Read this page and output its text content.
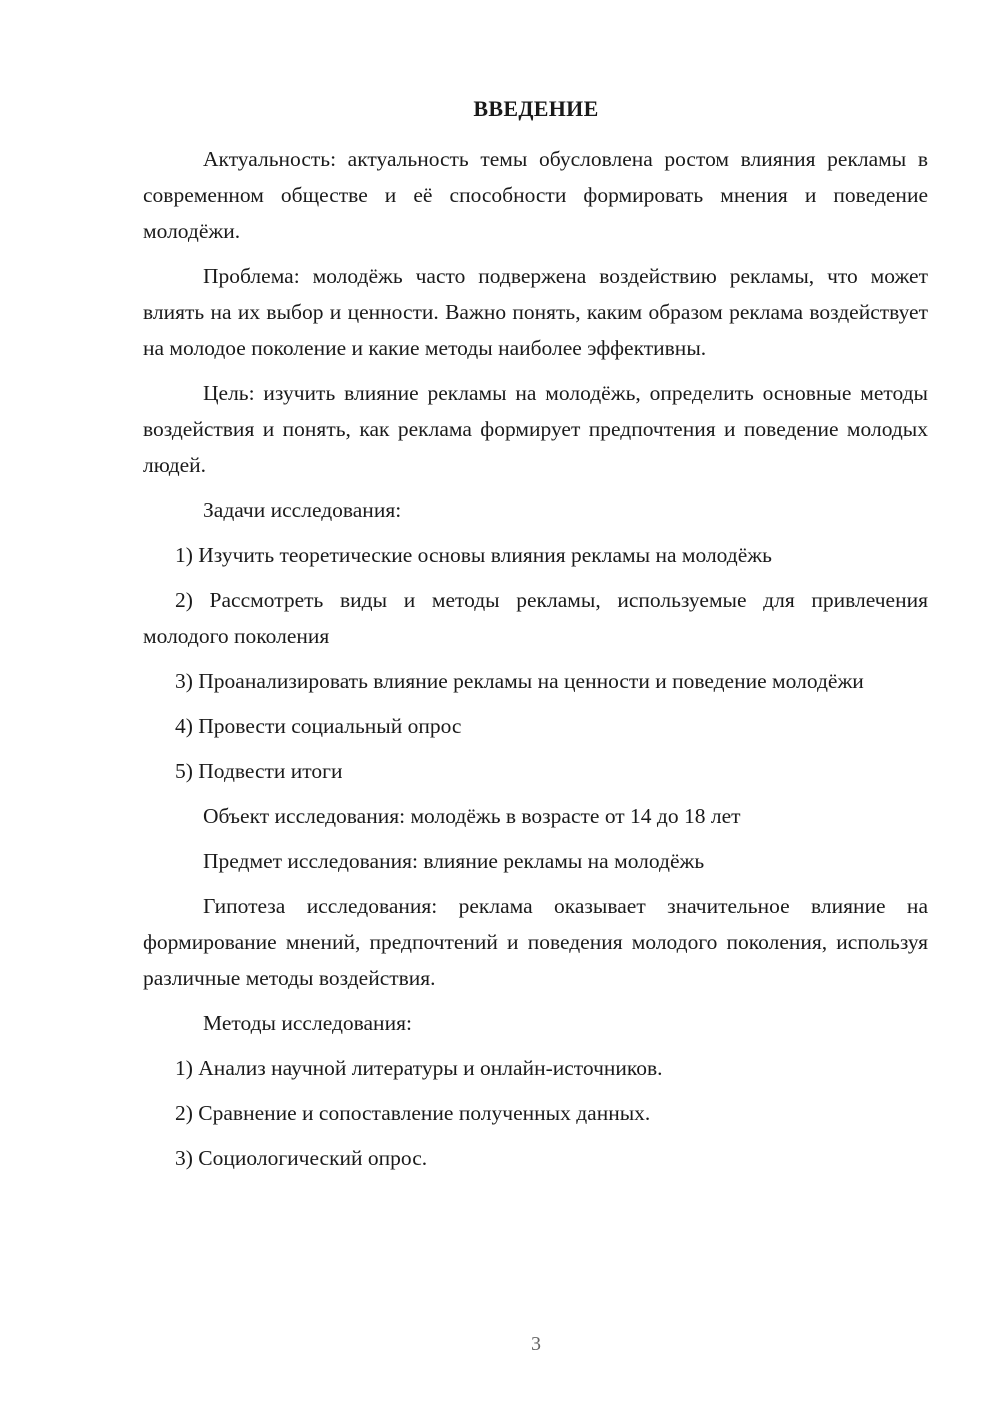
ВВЕДЕНИЕ

Актуальность: актуальность темы обусловлена ростом влияния рекламы в современном обществе и её способности формировать мнения и поведение молодёжи.

Проблема: молодёжь часто подвержена воздействию рекламы, что может влиять на их выбор и ценности. Важно понять, каким образом реклама воздействует на молодое поколение и какие методы наиболее эффективны.

Цель: изучить влияние рекламы на молодёжь, определить основные методы воздействия и понять, как реклама формирует предпочтения и поведение молодых людей.

Задачи исследования:

1) Изучить теоретические основы влияния рекламы на молодёжь

2) Рассмотреть виды и методы рекламы, используемые для привлечения молодого поколения

3) Проанализировать влияние рекламы на ценности и поведение молодёжи

4) Провести социальный опрос

5) Подвести итоги

Объект исследования: молодёжь в возрасте от 14 до 18 лет

Предмет исследования: влияние рекламы на молодёжь

Гипотеза исследования: реклама оказывает значительное влияние на формирование мнений, предпочтений и поведения молодого поколения, используя различные методы воздействия.

Методы исследования:

1) Анализ научной литературы и онлайн-источников.

2) Сравнение и сопоставление полученных данных.

3) Социологический опрос.

3
